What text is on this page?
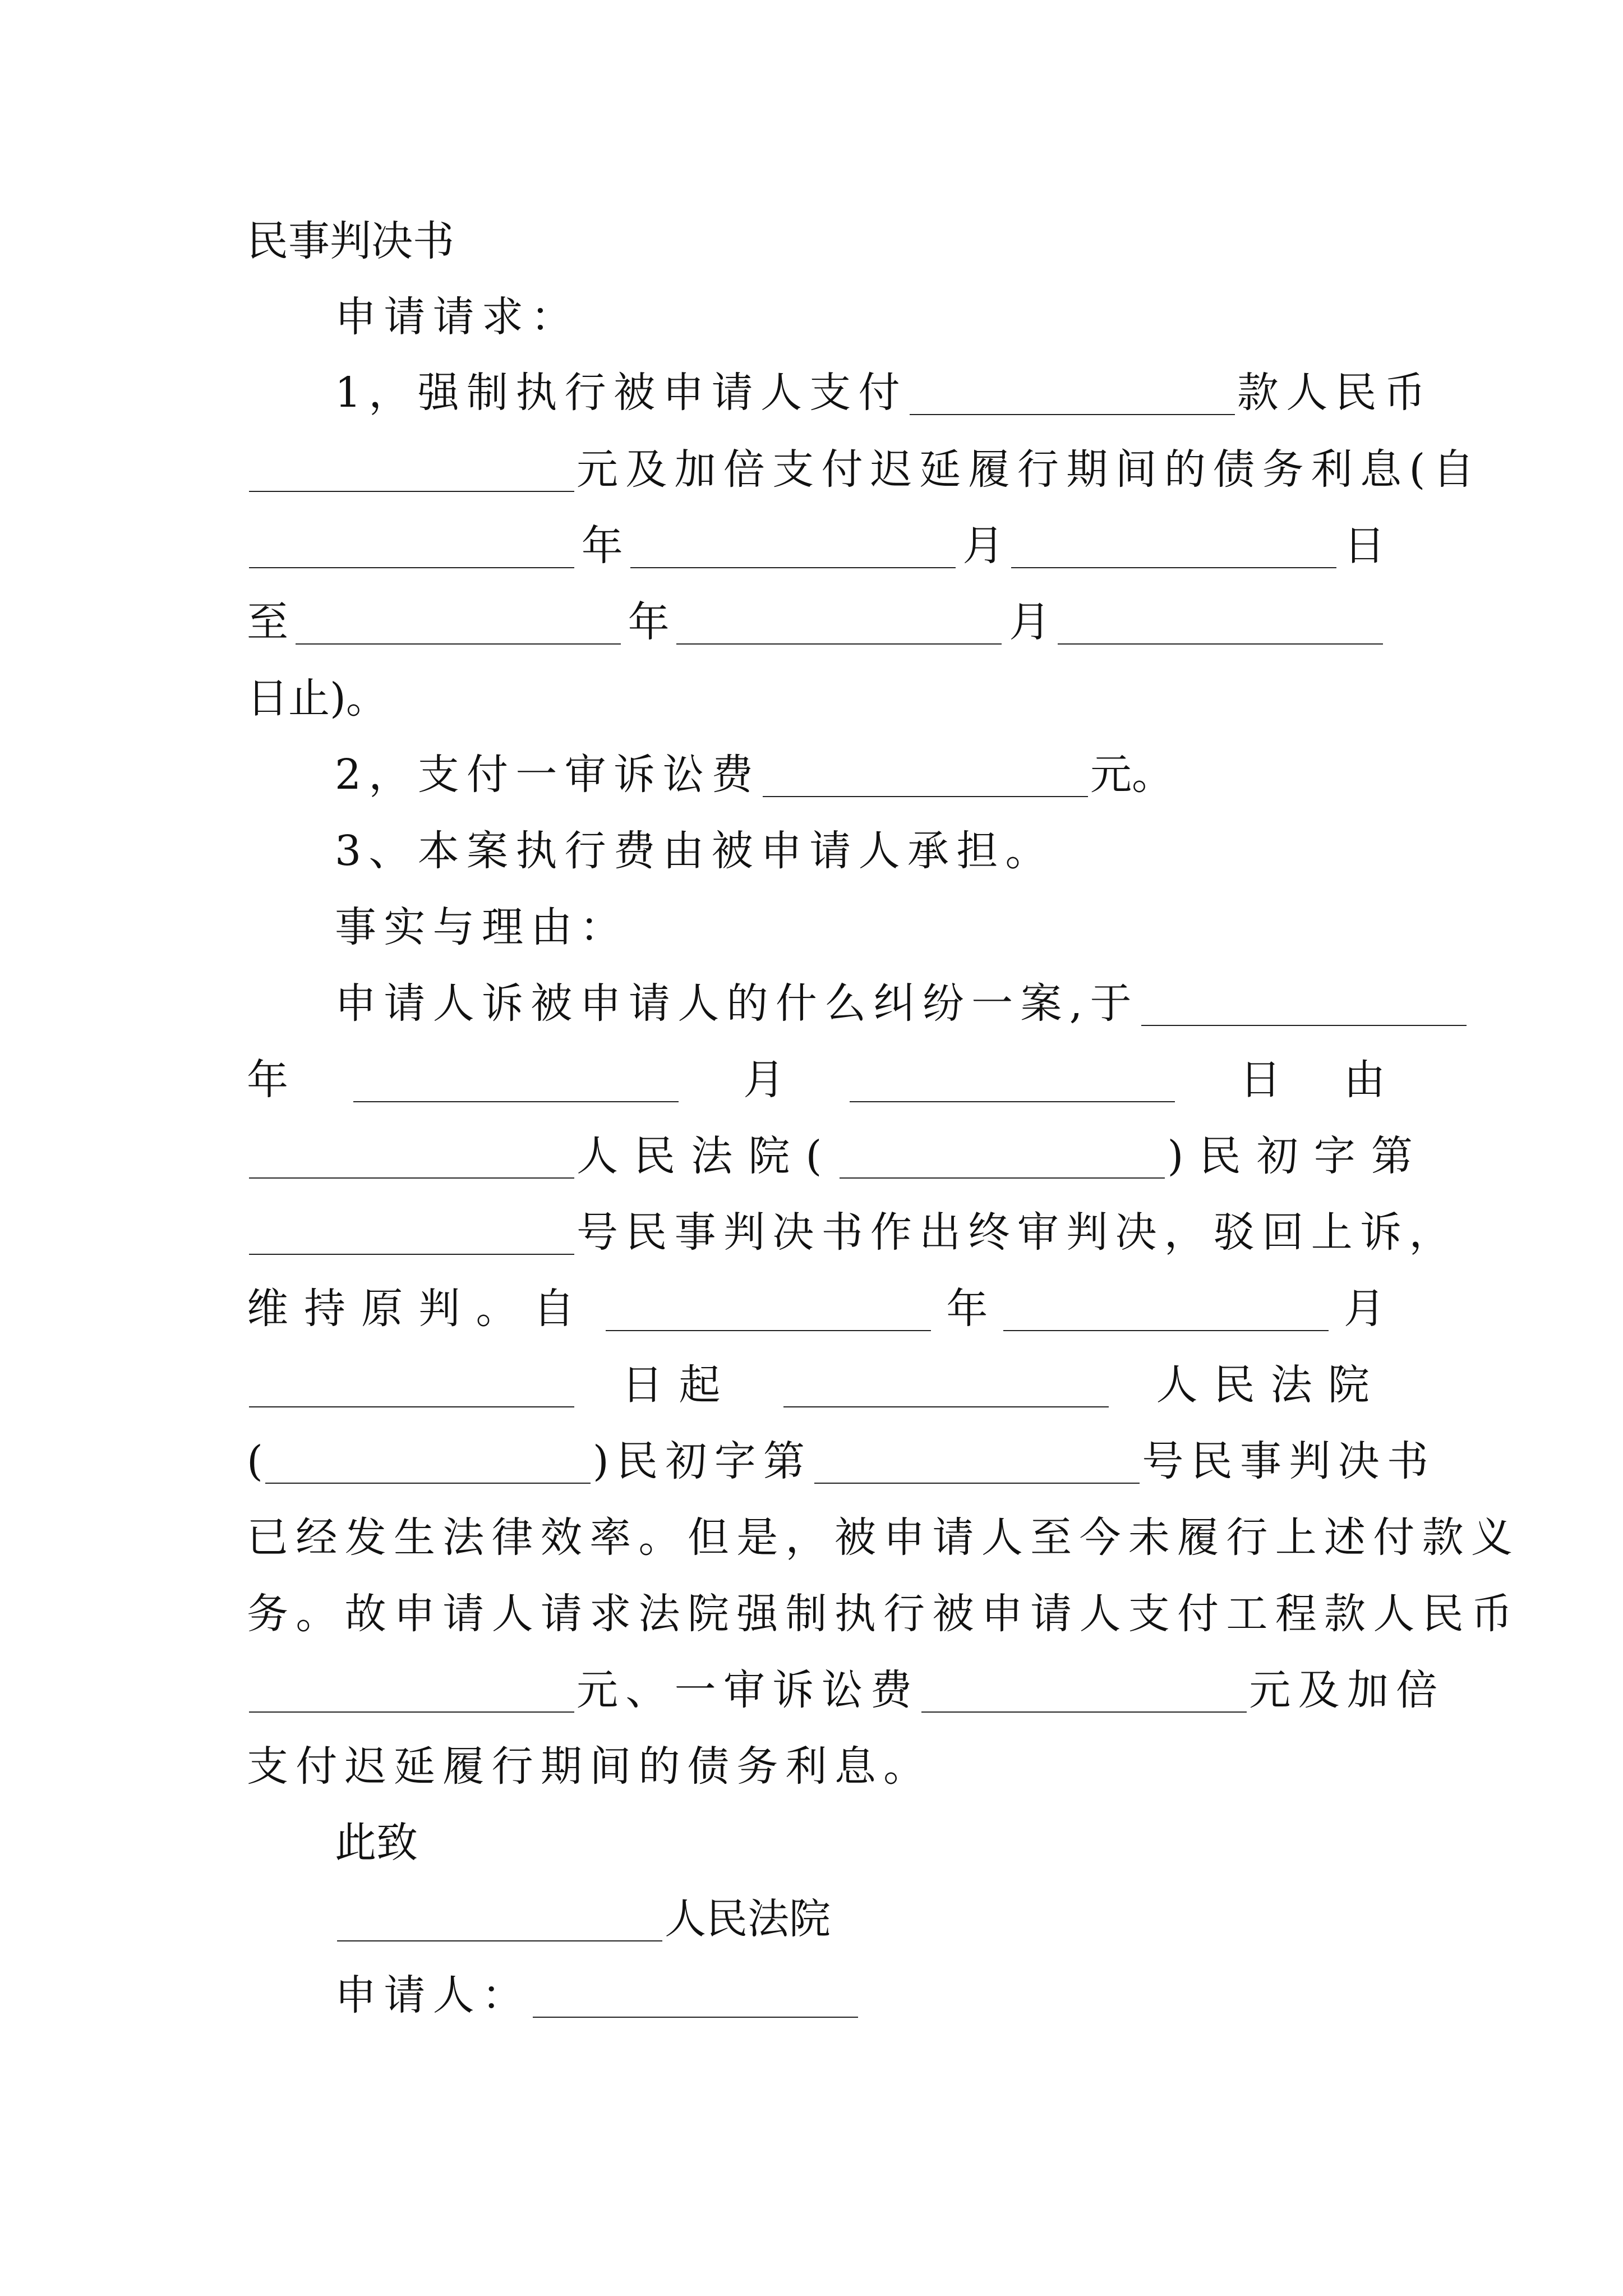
民事判决书
申请请求：
1，强制执行被申请人支付	款人民币
元及加倍支付迟延履行期间的债务利息(自
年	月	日
至	年	月
日止)。
2，支付一审诉讼费	元。
3、本案执行费由被申请人承担。
事实与理由：
申请人诉被申请人的什么纠纷一案,于
年	月	日 由
人民法院(	)民初字第
号民事判决书作出终审判决，驳回上诉，
维持原判。自	年	月
日起	人民法院
(	)民初字第	号民事判决书
已经发生法律效率。但是，被申请人至今未履行上述付款义
务。故申请人请求法院强制执行被申请人支付工程款人民币
元、一审诉讼费	元及加倍
支付迟延履行期间的债务利息。
此致
人民法院
申请人：
